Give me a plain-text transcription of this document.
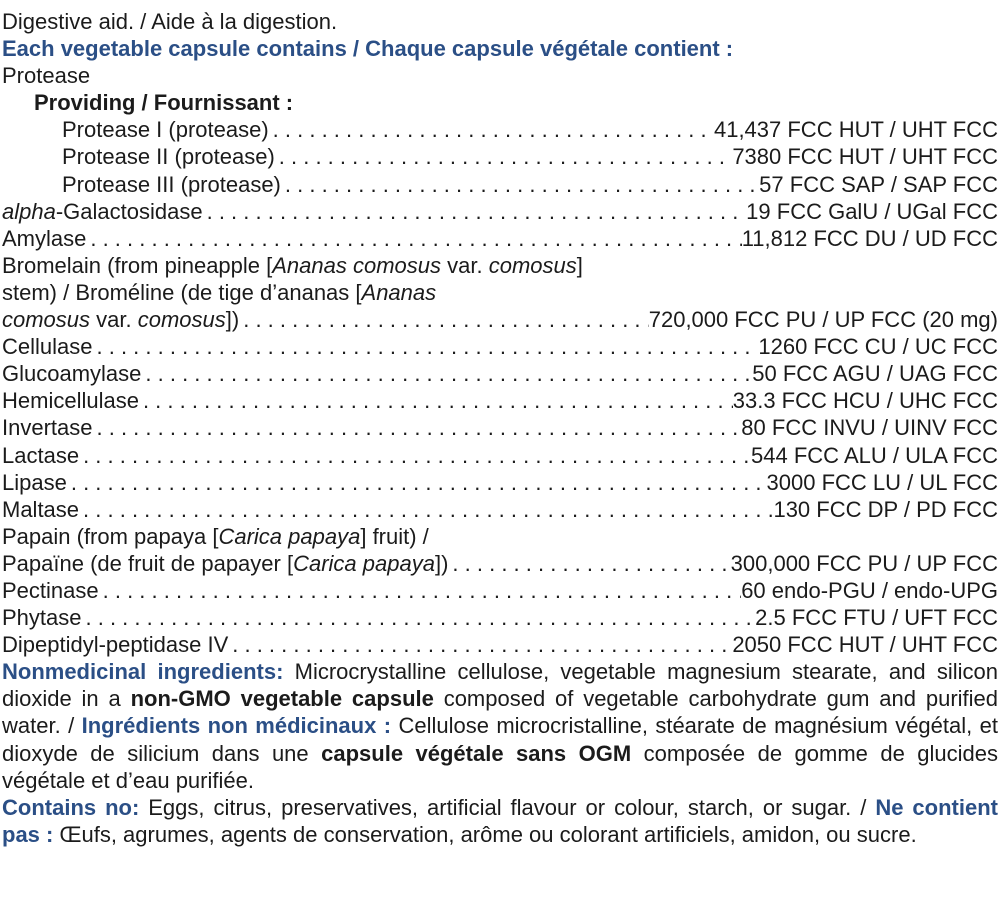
Digestive aid. / Aide à la digestion.
Each vegetable capsule contains / Chaque capsule végétale contient :
Protease
Providing / Fournissant :
Protease I (protease) . . .	41,437 FCC HUT / UHT FCC
Protease II (protease) . . .	7380 FCC HUT / UHT FCC
Protease III (protease) . . .	57 FCC SAP / SAP FCC
alpha-Galactosidase . . .	19 FCC GalU / UGal FCC
Amylase . . .	11,812 FCC DU / UD FCC
Bromelain (from pineapple [Ananas comosus var. comosus]
stem) / Broméline (de tige d’ananas [Ananas
comosus var. comosus]) . . .	720,000 FCC PU / UP FCC (20 mg)
Cellulase . . .	1260 FCC CU / UC FCC
Glucoamylase . . .	50 FCC AGU / UAG FCC
Hemicellulase . . .	33.3 FCC HCU / UHC FCC
Invertase . . .	80 FCC INVU / UINV FCC
Lactase . . .	544 FCC ALU / ULA FCC
Lipase . . .	3000 FCC LU / UL FCC
Maltase . . .	130 FCC DP / PD FCC
Papain (from papaya [Carica papaya] fruit) /
Papaïne (de fruit de papayer [Carica papaya]) . . .	300,000 FCC PU / UP FCC
Pectinase . . .	60 endo-PGU / endo-UPG
Phytase . . .	2.5 FCC FTU / UFT FCC
Dipeptidyl-peptidase IV . . .	2050 FCC HUT / UHT FCC
Nonmedicinal ingredients: Microcrystalline cellulose, vegetable magnesium stearate, and silicon dioxide in a non-GMO vegetable capsule composed of vegetable carbohydrate gum and purified water. / Ingrédients non médicinaux : Cellulose microcristalline, stéarate de magnésium végétal, et dioxyde de silicium dans une capsule végétale sans OGM composée de gomme de glucides végétale et d’eau purifiée.
Contains no: Eggs, citrus, preservatives, artificial flavour or colour, starch, or sugar. / Ne contient pas : Œufs, agrumes, agents de conservation, arôme ou colorant artificiels, amidon, ou sucre.
